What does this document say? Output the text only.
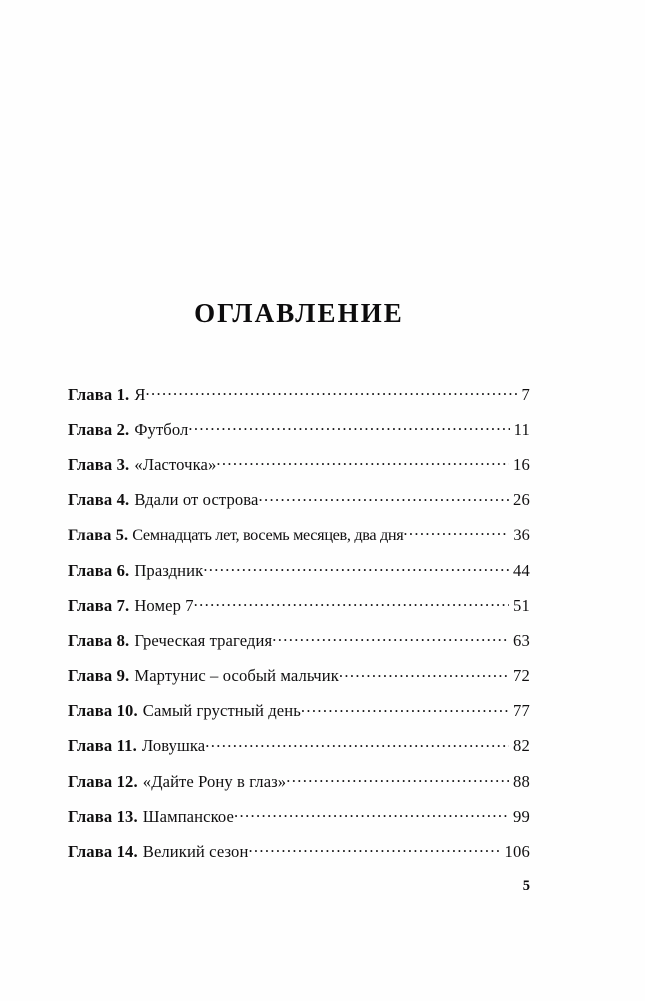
ОГЛАВЛЕНИЕ
Глава 1. Я .....	7
Глава 2. Футбол .....	11
Глава 3. «Ласточка» .....	16
Глава 4. Вдали от острова .....	26
Глава 5. Семнадцать лет, восемь месяцев, два дня .....	36
Глава 6. Праздник .....	44
Глава 7. Номер 7 .....	51
Глава 8. Греческая трагедия .....	63
Глава 9. Мартунис – особый мальчик .....	72
Глава 10. Самый грустный день .....	77
Глава 11. Ловушка .....	82
Глава 12. «Дайте Рону в глаз» .....	88
Глава 13. Шампанское .....	99
Глава 14. Великий сезон .....	106
5
